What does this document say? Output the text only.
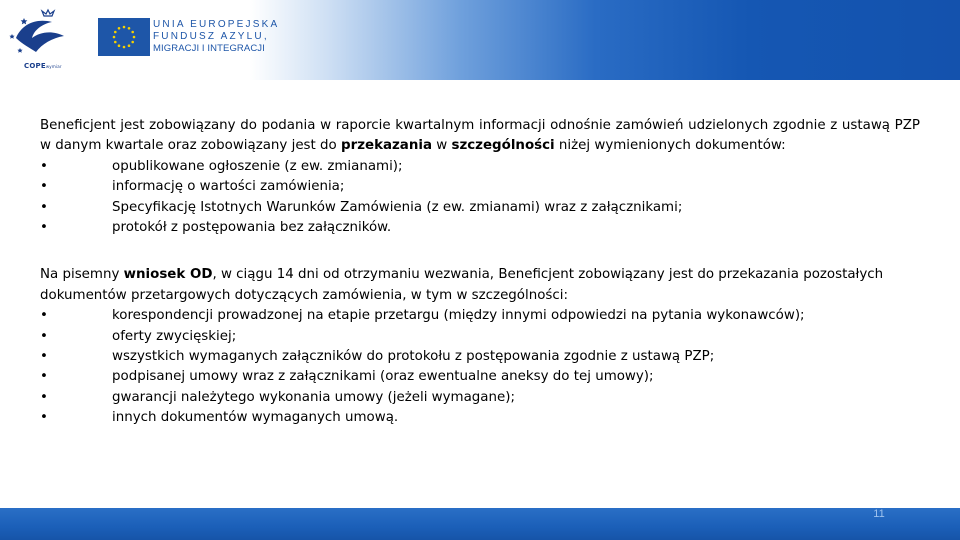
COPEwymiar
UNIA EUROPEJSKA
FUNDUSZ AZYLU,
MIGRACJI I INTEGRACJI

Beneficjent jest zobowiązany do podania w raporcie kwartalnym informacji odnośnie zamówień udzielonych zgodnie z ustawą PZP w danym kwartale oraz zobowiązany jest do przekazania w szczególności niżej wymienionych dokumentów:

•	opublikowane ogłoszenie (z ew. zmianami);
•	informację o wartości zamówienia;
•	Specyfikację Istotnych Warunków Zamówienia (z ew. zmianami) wraz z załącznikami;
•	protokół z postępowania bez załączników.

Na pisemny wniosek OD, w ciągu 14 dni od otrzymaniu wezwania, Beneficjent zobowiązany jest do przekazania pozostałych dokumentów przetargowych dotyczących zamówienia, w tym w szczególności:

•	korespondencji prowadzonej na etapie przetargu (między innymi odpowiedzi na pytania wykonawców);
•	oferty zwycięskiej;
•	wszystkich wymaganych załączników do protokołu z postępowania zgodnie z ustawą PZP;
•	podpisanej umowy wraz z załącznikami (oraz ewentualne aneksy do tej umowy);
•	gwarancji należytego wykonania umowy (jeżeli wymagane);
•	innych dokumentów wymaganych umową.
11
